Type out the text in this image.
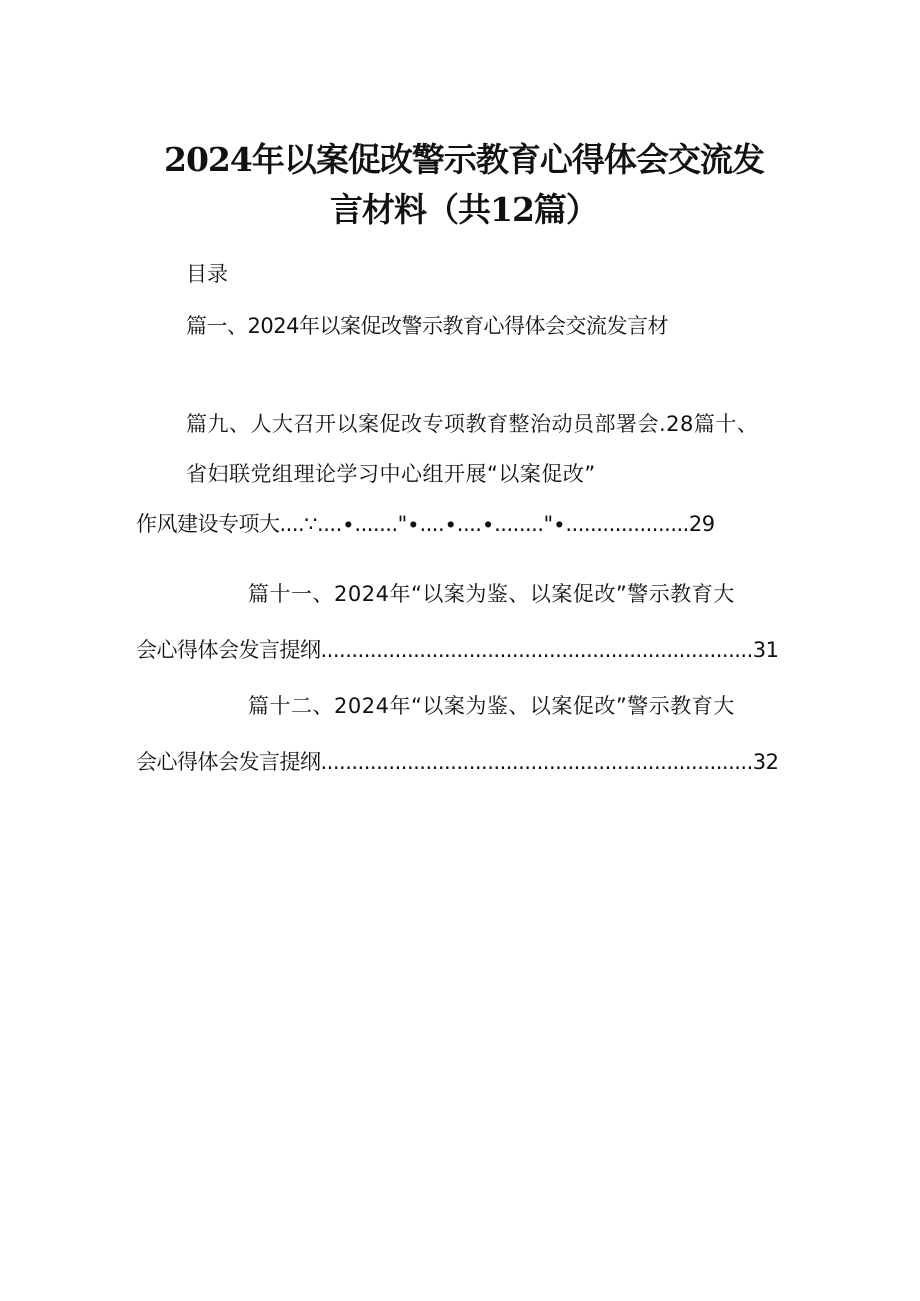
2024年以案促改警示教育心得体会交流发
言材料（共12篇）
目录
篇一、2024年以案促改警示教育心得体会交流发言材
篇九、人大召开以案促改专项教育整治动员部署会.28篇十、
省妇联党组理论学习中心组开展“以案促改”
作风建设专项大....∵....∙......."∙....∙....∙........"∙....................29
篇十一、2024年“以案为鉴、以案促改”警示教育大
会心得体会发言提纲......................................................................31
篇十二、2024年“以案为鉴、以案促改”警示教育大
会心得体会发言提纲......................................................................32
